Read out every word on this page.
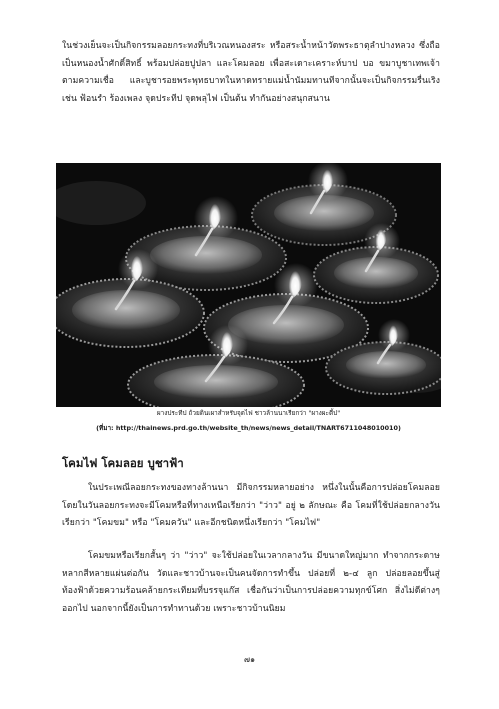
ในช่วงเย็นจะเป็นกิจกรรมลอยกระทงที่บริเวณหนองสระ หรือสระน้ำหน้าวัดพระธาตุลำปางหลวง ซึ่งถือเป็นหนองน้ำศักดิ์สิทธิ์ พร้อมปล่อยปูปลา และโคมลอย เพื่อสะเดาะเคราะห์บาป บอ ขมาบูชาเทพเจ้าตามความเชื่อ และบูชารอยพระพุทธบาทในหาดทรายแม่น้ำนัมมทานทีจากนั้นจะเป็นกิจกรรมรื่นเริงเช่น ฟ้อนรำ ร้องเพลง จุดประทีป จุดพลุไฟ เป็นต้น ทำกันอย่างสนุกสนาน

ผางประทีป ถ้วยดินเผาสำหรับจุดไฟ ชาวล้านนาเรียกว่า "ผางผะตี้ป"

(ที่มา: http://thainews.prd.go.th/website_th/news/news_detail/TNART6711048010010)

โคมไฟ โคมลอย บูชาฟ้า

ในประเพณีลอยกระทงของทางล้านนา มีกิจกรรมหลายอย่าง หนึ่งในนั้นคือการปล่อยโคมลอย โดยในวันลอยกระทงจะมีโคมหรือที่ทางเหนือเรียกว่า "ว่าว" อยู่ ๒ ลักษณะ คือ โคมที่ใช้ปล่อยกลางวันเรียกว่า "โคมขม" หรือ "โคมควัน" และอีกชนิดหนึ่งเรียกว่า "โคมไฟ"

โคมขมหรือเรียกสั้นๆ ว่า "ว่าว" จะใช้ปล่อยในเวลากลางวัน มีขนาดใหญ่มาก ทำจากกระดาษหลากสีหลายแผ่นต่อกัน วัดและชาวบ้านจะเป็นคนจัดการทำขึ้น ปล่อยที่ ๒-๔ ลูก ปล่อยลอยขึ้นสู่ท้องฟ้าด้วยความร้อนคล้ายกระเทียมที่บรรจุแก๊ส เชื่อกันว่าเป็นการปล่อยความทุกข์โศก สิ่งไม่ดีต่างๆ ออกไป นอกจากนี้ยังเป็นการทำทานด้วย เพราะชาวบ้านนิยม

๗๑
